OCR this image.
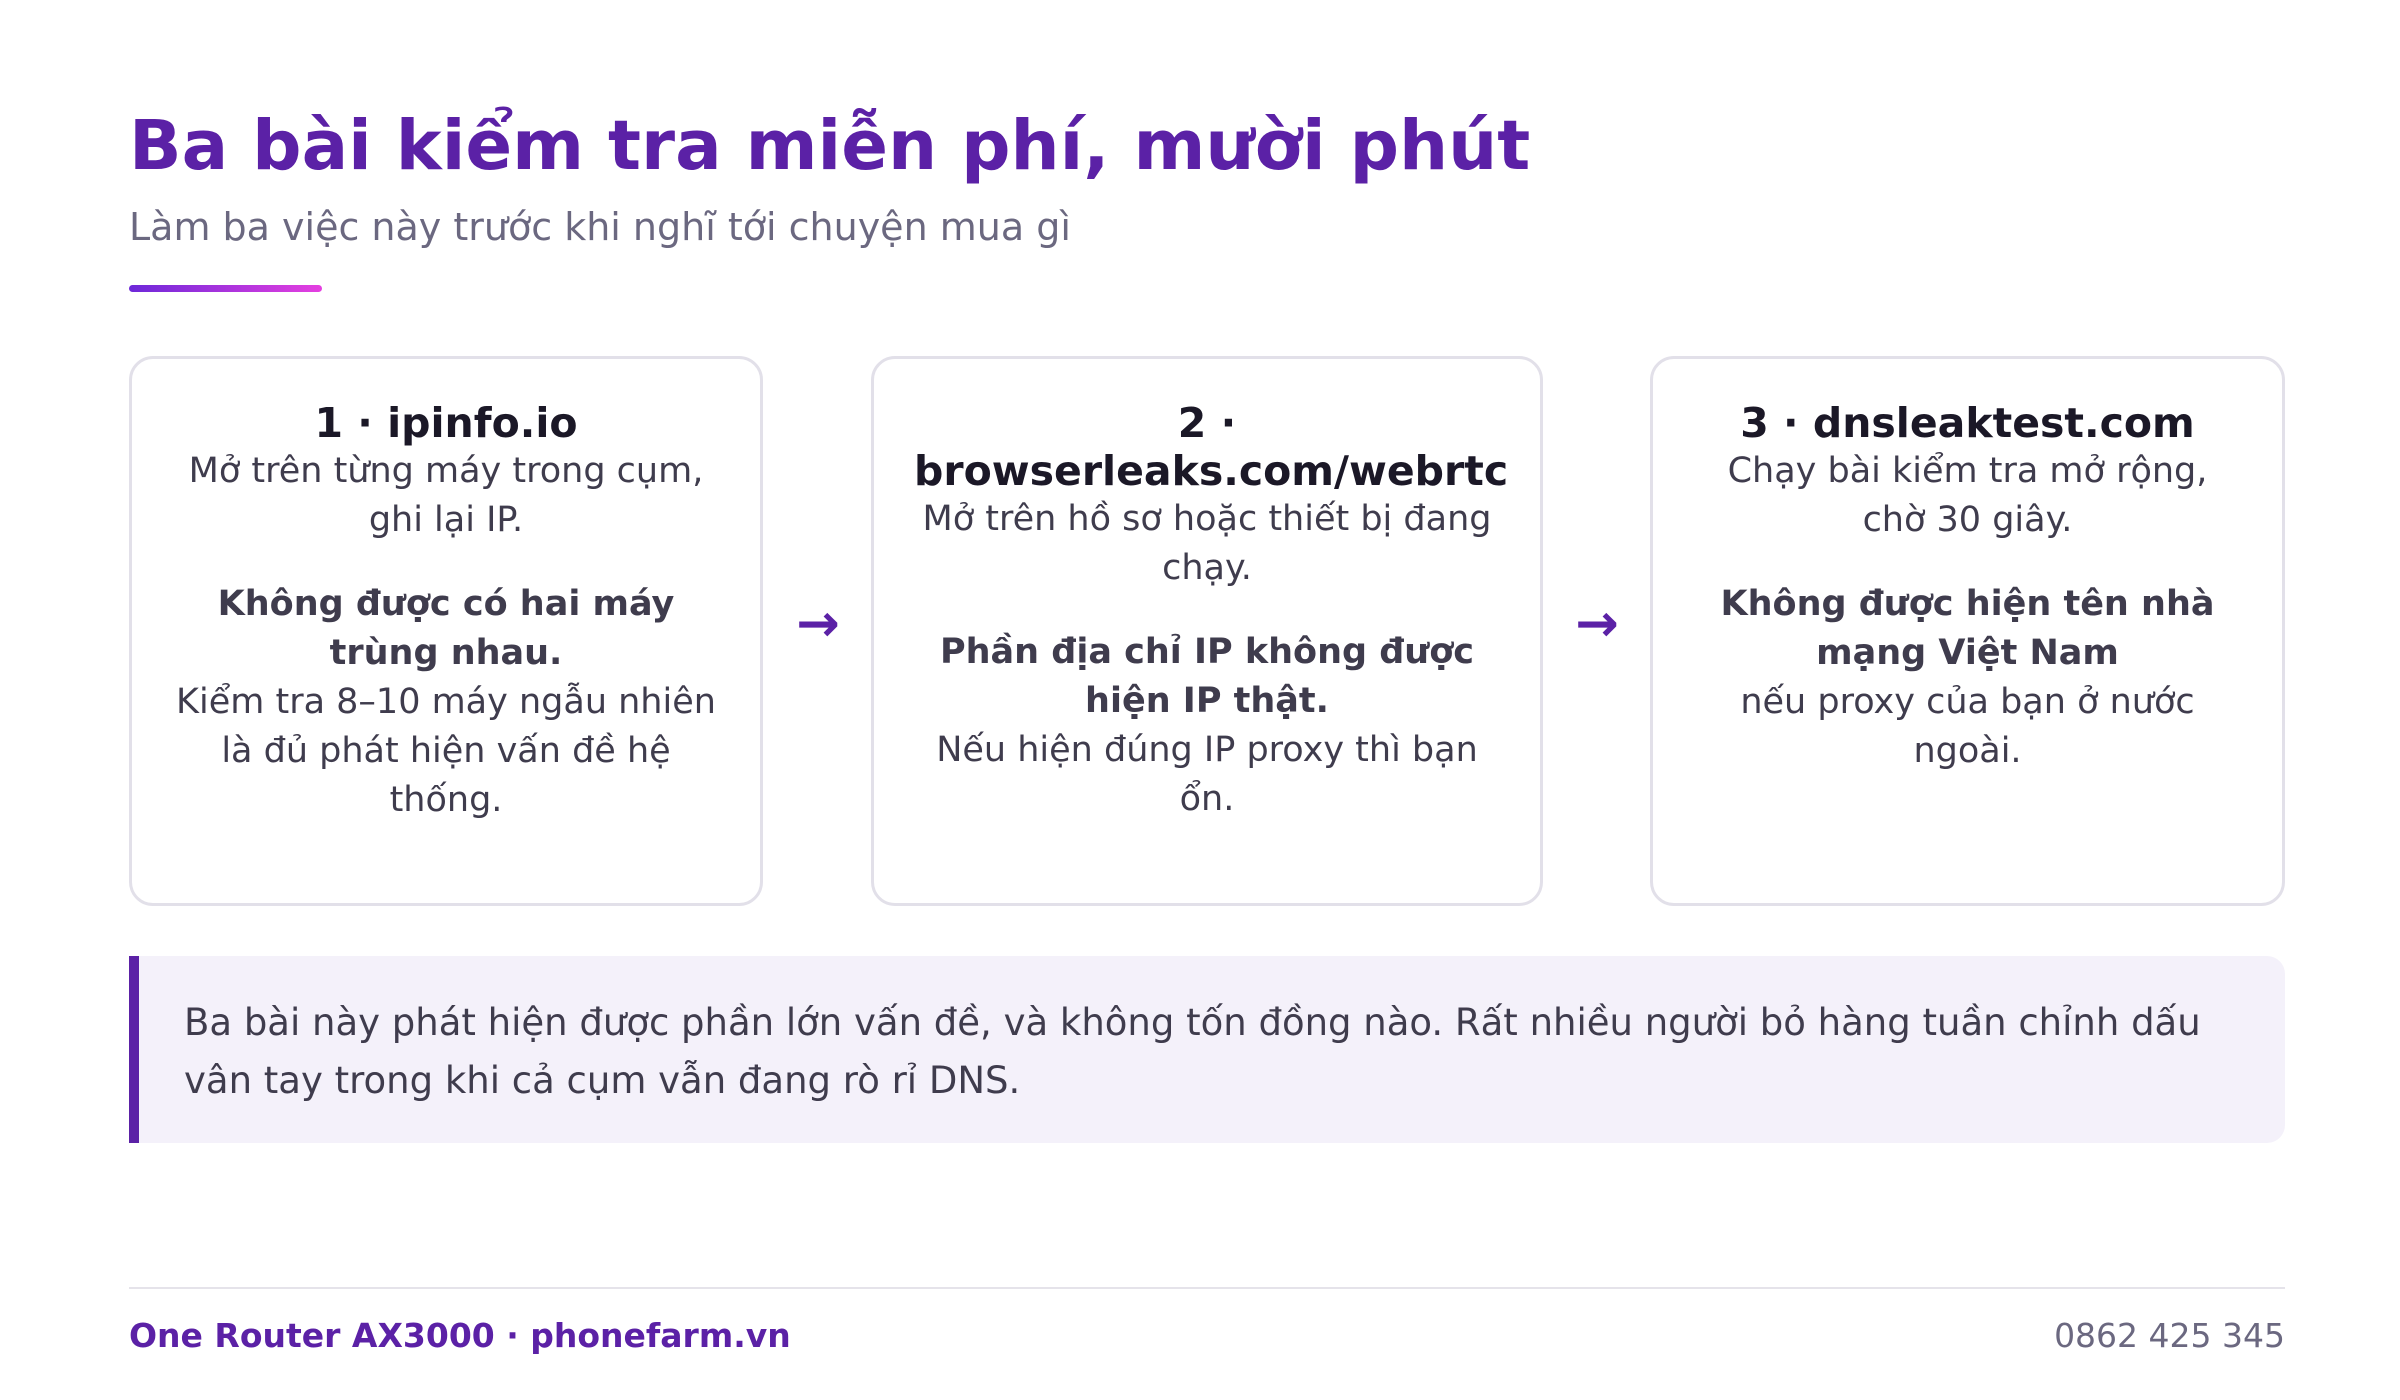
Ba bài kiểm tra miễn phí, mười phút

Làm ba việc này trước khi nghĩ tới chuyện mua gì

1 · ipinfo.io

Mở trên từng máy trong cụm, ghi lại IP.

Không được có hai máy trùng nhau.

Kiểm tra 8–10 máy ngẫu nhiên là đủ phát hiện vấn đề hệ thống.

→

2 · browserleaks.com/webrtc

Mở trên hồ sơ hoặc thiết bị đang chạy.

Phần địa chỉ IP không được hiện IP thật.

Nếu hiện đúng IP proxy thì bạn ổn.

→

3 · dnsleaktest.com

Chạy bài kiểm tra mở rộng, chờ 30 giây.

Không được hiện tên nhà mạng Việt Nam

nếu proxy của bạn ở nước ngoài.

Ba bài này phát hiện được phần lớn vấn đề, và không tốn đồng nào. Rất nhiều người bỏ hàng tuần chỉnh dấu vân tay trong khi cả cụm vẫn đang rò rỉ DNS.

One Router AX3000 · phonefarm.vn	0862 425 345
